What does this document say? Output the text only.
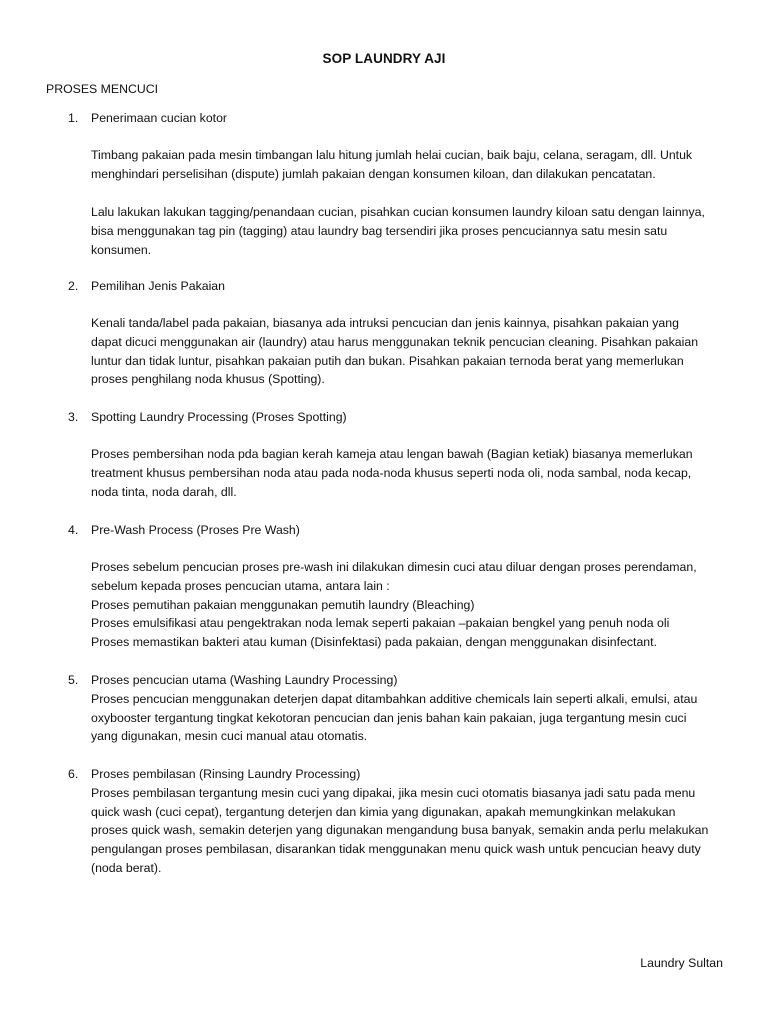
SOP LAUNDRY AJI
PROSES MENCUCI
1.	Penerimaan cucian kotor
Timbang pakaian pada mesin timbangan lalu hitung jumlah helai cucian, baik baju, celana, seragam, dll. Untuk
menghindari perselisihan (dispute) jumlah pakaian dengan konsumen kiloan, dan dilakukan pencatatan.
Lalu lakukan lakukan tagging/penandaan cucian, pisahkan cucian konsumen laundry kiloan satu dengan lainnya,
bisa menggunakan tag pin (tagging) atau laundry bag tersendiri jika proses pencuciannya satu mesin satu
konsumen.
2.	Pemilihan Jenis Pakaian
Kenali tanda/label pada pakaian, biasanya ada intruksi pencucian dan jenis kainnya, pisahkan pakaian yang
dapat dicuci menggunakan air (laundry) atau harus menggunakan teknik pencucian cleaning. Pisahkan pakaian
luntur dan tidak luntur, pisahkan pakaian putih dan bukan. Pisahkan pakaian ternoda berat yang memerlukan
proses penghilang noda khusus (Spotting).
3.	Spotting Laundry Processing (Proses Spotting)
Proses pembersihan noda pda bagian kerah kameja atau lengan bawah (Bagian ketiak) biasanya memerlukan
treatment khusus pembersihan noda atau pada noda-noda khusus seperti noda oli, noda sambal, noda kecap,
noda tinta, noda darah, dll.
4.	Pre-Wash Process (Proses Pre Wash)
Proses sebelum pencucian proses pre-wash ini dilakukan dimesin cuci atau diluar dengan proses perendaman,
sebelum kepada proses pencucian utama, antara lain :
Proses pemutihan pakaian menggunakan pemutih laundry (Bleaching)
Proses emulsifikasi atau pengektrakan noda lemak seperti pakaian –pakaian bengkel yang penuh noda oli
Proses memastikan bakteri atau kuman (Disinfektasi) pada pakaian, dengan menggunakan disinfectant.
5.	Proses pencucian utama (Washing Laundry Processing)
Proses pencucian menggunakan deterjen dapat ditambahkan additive chemicals lain seperti alkali, emulsi, atau
oxybooster tergantung tingkat kekotoran pencucian dan jenis bahan kain pakaian, juga tergantung mesin cuci
yang digunakan, mesin cuci manual atau otomatis.
6.	Proses pembilasan (Rinsing Laundry Processing)
Proses pembilasan tergantung mesin cuci yang dipakai, jika mesin cuci otomatis biasanya jadi satu pada menu
quick wash (cuci cepat), tergantung deterjen dan kimia yang digunakan, apakah memungkinkan melakukan
proses quick wash, semakin deterjen yang digunakan mengandung busa banyak, semakin anda perlu melakukan
pengulangan proses pembilasan, disarankan tidak menggunakan menu quick wash untuk pencucian heavy duty
(noda berat).
Laundry Sultan
